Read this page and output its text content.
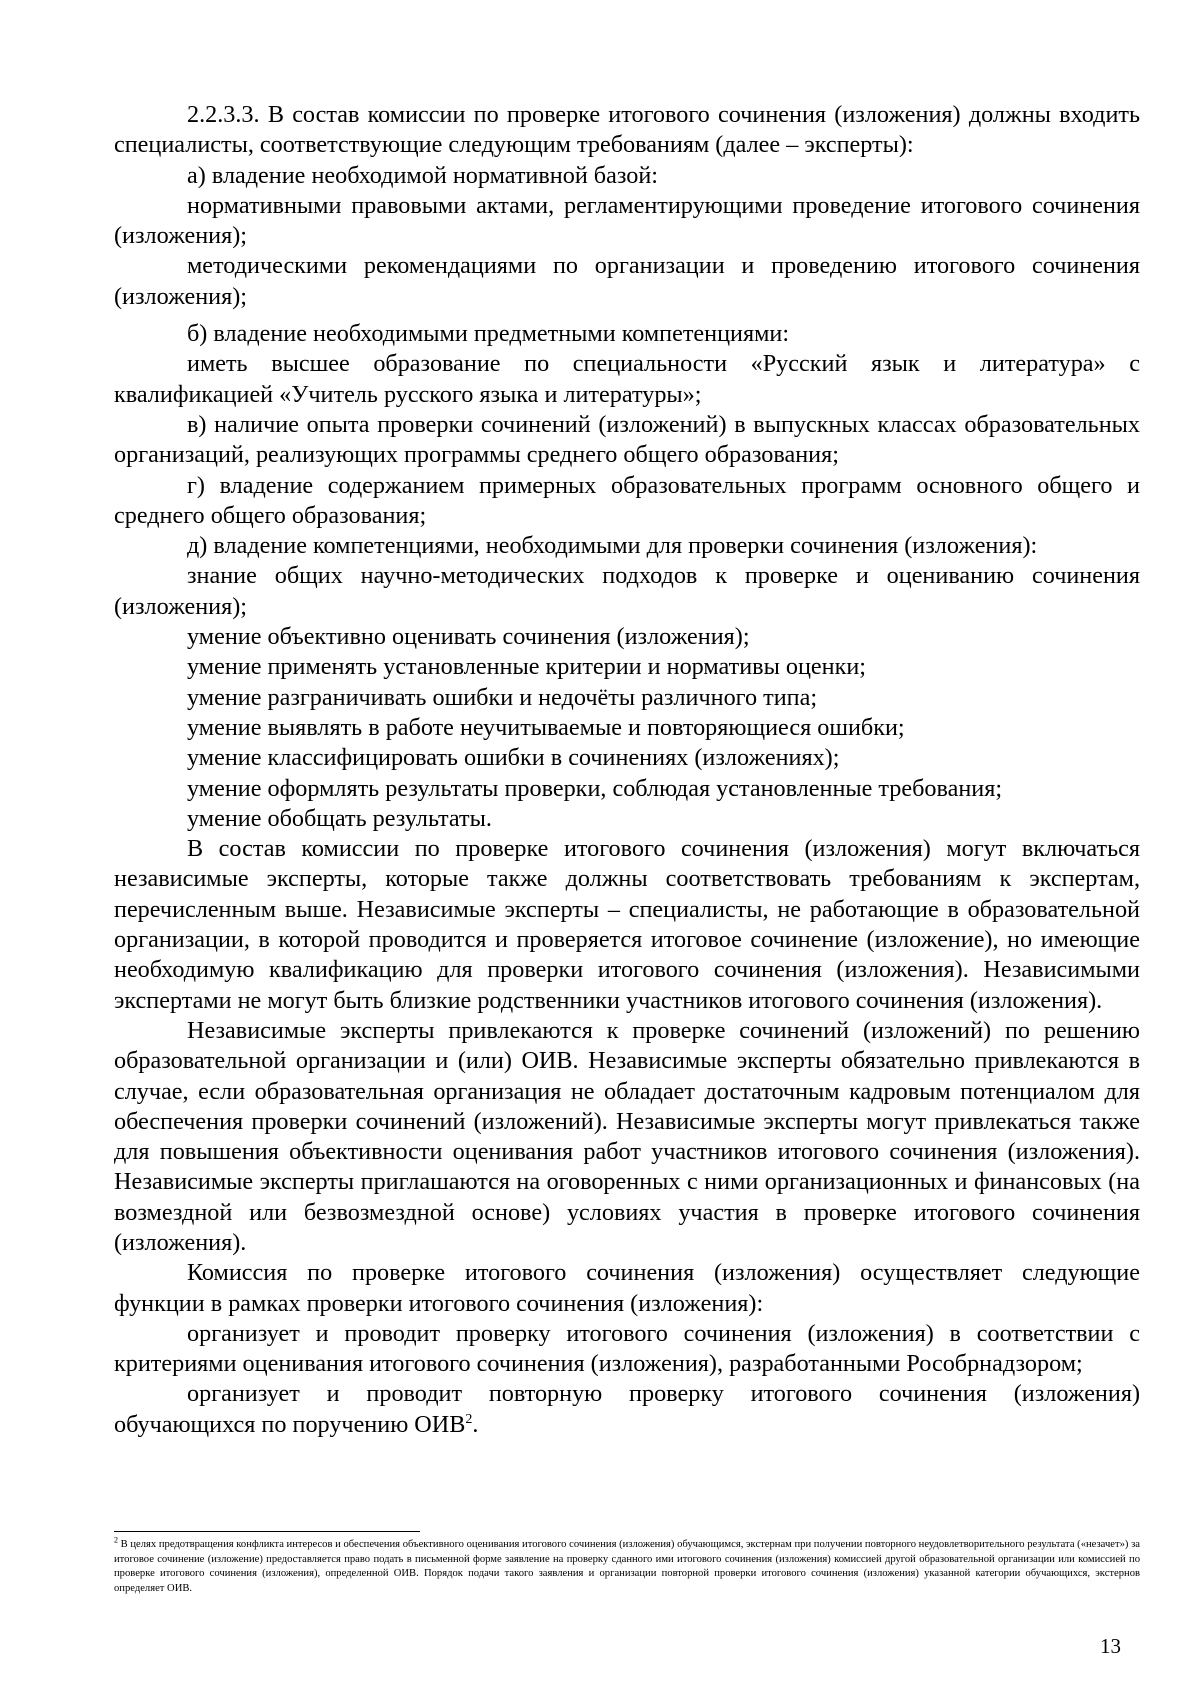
2.2.3.3. В состав комиссии по проверке итогового сочинения (изложения) должны входить специалисты, соответствующие следующим требованиям (далее – эксперты):

а) владение необходимой нормативной базой:

нормативными правовыми актами, регламентирующими проведение итогового сочинения (изложения);

методическими рекомендациями по организации и проведению итогового сочинения (изложения);

б) владение необходимыми предметными компетенциями:

иметь высшее образование по специальности «Русский язык и литература» с квалификацией «Учитель русского языка и литературы»;

в) наличие опыта проверки сочинений (изложений) в выпускных классах образовательных организаций, реализующих программы среднего общего образования;

г) владение содержанием примерных образовательных программ основного общего и среднего общего образования;

д) владение компетенциями, необходимыми для проверки сочинения (изложения):

знание общих научно-методических подходов к проверке и оцениванию сочинения (изложения);

умение объективно оценивать сочинения (изложения);

умение применять установленные критерии и нормативы оценки;

умение разграничивать ошибки и недочёты различного типа;

умение выявлять в работе неучитываемые и повторяющиеся ошибки;

умение классифицировать ошибки в сочинениях (изложениях);

умение оформлять результаты проверки, соблюдая установленные требования;

умение обобщать результаты.

В состав комиссии по проверке итогового сочинения (изложения) могут включаться независимые эксперты, которые также должны соответствовать требованиям к экспертам, перечисленным выше. Независимые эксперты – специалисты, не работающие в образовательной организации, в которой проводится и проверяется итоговое сочинение (изложение), но имеющие необходимую квалификацию для проверки итогового сочинения (изложения). Независимыми экспертами не могут быть близкие родственники участников итогового сочинения (изложения).

Независимые эксперты привлекаются к проверке сочинений (изложений) по решению образовательной организации и (или) ОИВ. Независимые эксперты обязательно привлекаются в случае, если образовательная организация не обладает достаточным кадровым потенциалом для обеспечения проверки сочинений (изложений). Независимые эксперты могут привлекаться также для повышения объективности оценивания работ участников итогового сочинения (изложения). Независимые эксперты приглашаются на оговоренных с ними организационных и финансовых (на возмездной или безвозмездной основе) условиях участия в проверке итогового сочинения (изложения).

Комиссия по проверке итогового сочинения (изложения) осуществляет следующие функции в рамках проверки итогового сочинения (изложения):

организует и проводит проверку итогового сочинения (изложения) в соответствии с критериями оценивания итогового сочинения (изложения), разработанными Рособрнадзором;

организует и проводит повторную проверку итогового сочинения (изложения) обучающихся по поручению ОИВ$^2$.

$^2$ В целях предотвращения конфликта интересов и обеспечения объективного оценивания итогового сочинения (изложения) обучающимся, экстернам при получении повторного неудовлетворительного результата («незачет») за итоговое сочинение (изложение) предоставляется право подать в письменной форме заявление на проверку сданного ими итогового сочинения (изложения) комиссией другой образовательной организации или комиссией по проверке итогового сочинения (изложения), определенной ОИВ. Порядок подачи такого заявления и организации повторной проверки итогового сочинения (изложения) указанной категории обучающихся, экстернов определяет ОИВ.

13
